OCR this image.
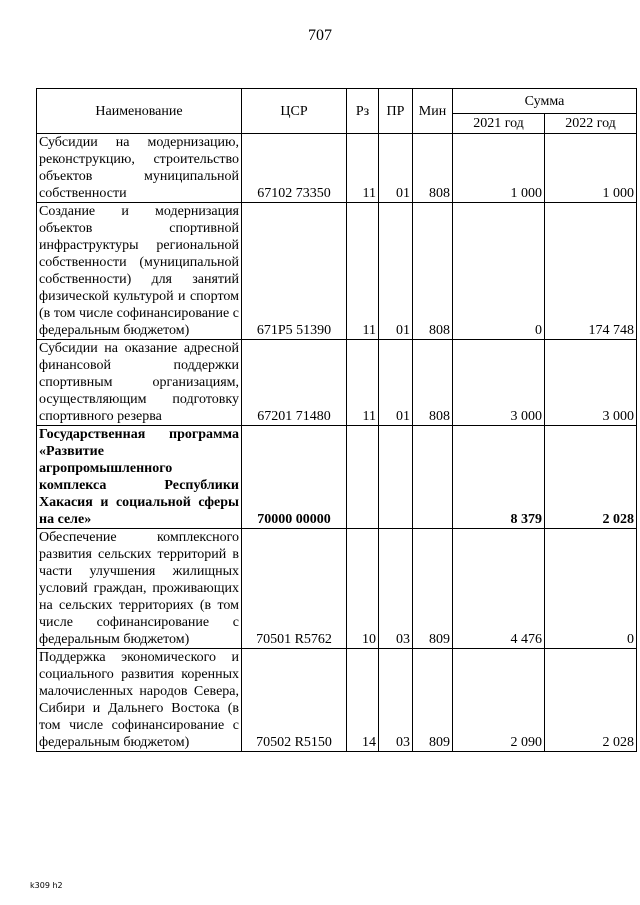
707
Наименование	ЦСР	Рз	ПР	Мин	Сумма	
					2021 год	2022 год
Субсидии на модернизацию, реконструкцию, строительство объектов муниципальной собственности	67102 73350	11	01	808	1 000	1 000
Создание и модернизация объектов спортивной инфраструктуры региональной собственности (муниципальной собственности) для занятий физической культурой и спортом (в том числе софинансирование с федеральным бюджетом)	671P5 51390	11	01	808	0	174 748
Субсидии на оказание адресной финансовой поддержки спортивным организациям, осуществляющим подготовку спортивного резерва	67201 71480	11	01	808	3 000	3 000
Государственная программа «Развитие агропромышленного комплекса Республики Хакасия и социальной сферы на селе»	70000 00000				8 379	2 028
Обеспечение комплексного развития сельских территорий в части улучшения жилищных условий граждан, проживающих на сельских территориях (в том числе софинансирование с федеральным бюджетом)	70501 R5762	10	03	809	4 476	0
Поддержка экономического и социального развития коренных малочисленных народов Севера, Сибири и Дальнего Востока (в том числе софинансирование с федеральным бюджетом)	70502 R5150	14	03	809	2 090	2 028
k309 h2
